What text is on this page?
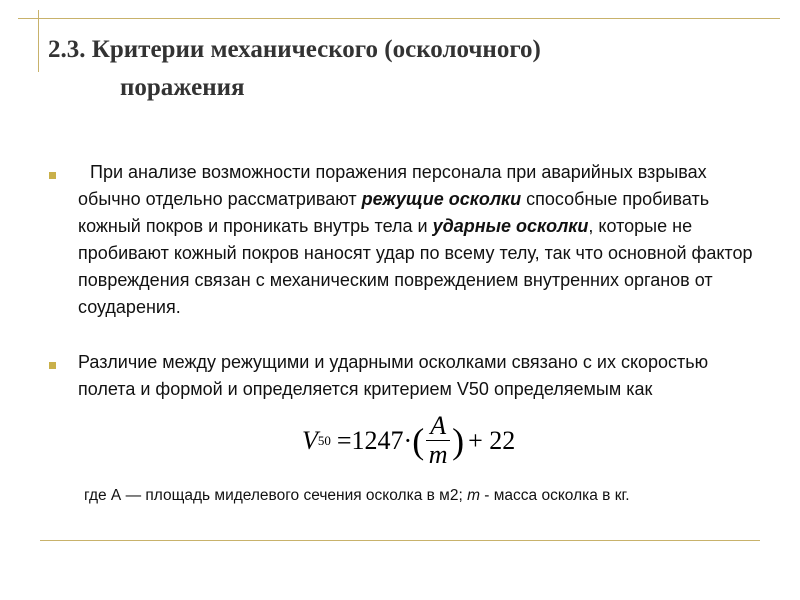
2.3. Критерии механического (осколочного)
поражения
При анализе возможности поражения персонала при аварийных взрывах обычно отдельно рассматривают режущие осколки способные пробивать кожный покров и проникать внутрь тела и ударные осколки, которые не пробивают кожный покров наносят удар по всему телу, так что основной фактор повреждения связан с механическим повреждением внутренних органов от соударения.
Различие между режущими и ударными осколками связано с их скоростью полета и формой и определяется критерием V50 определяемым как
V 50 =1247· ( $\frac{A}{m}$ ) + 22
где А — площадь миделевого сечения осколка в м2; m - масса осколка в кг.
